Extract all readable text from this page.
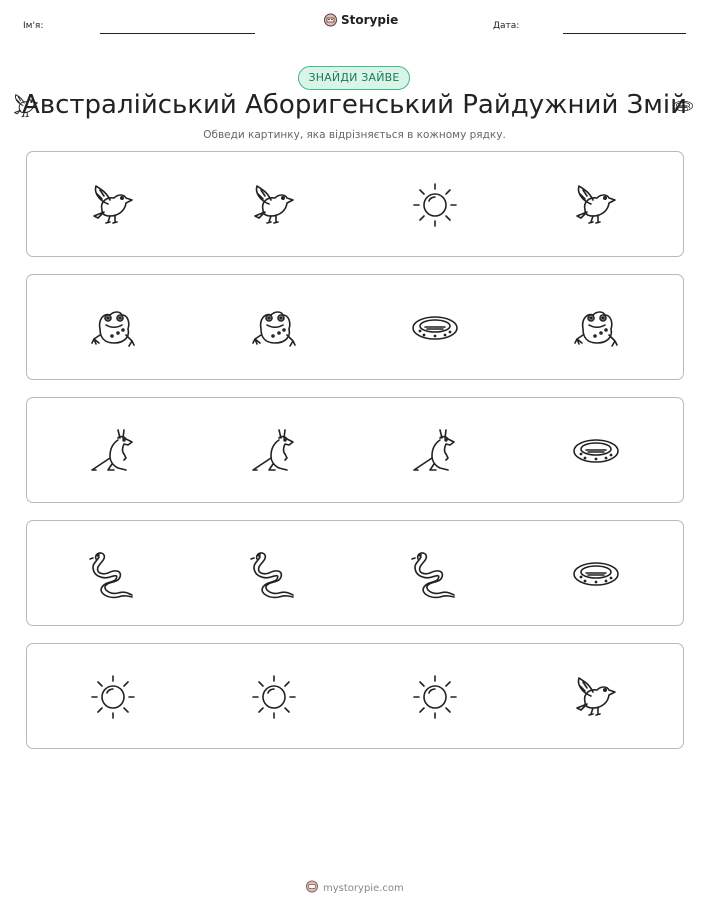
Ім'я:	Storypie	Дата:
ЗНАЙДИ ЗАЙВЕ
Австралійський Аборигенський Райдужний Змій
Обведи картинку, яка відрізняється в кожному рядку.
mystorypie.com
